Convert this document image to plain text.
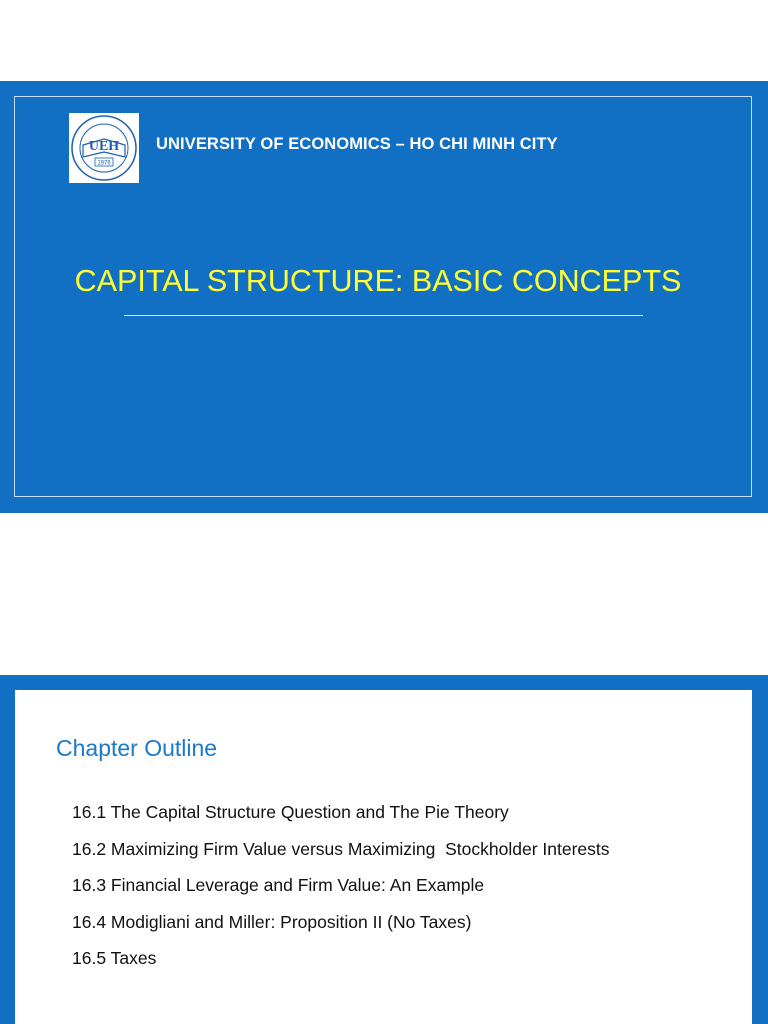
UEH
1976
UNIVERSITY OF ECONOMICS – HO CHI MINH CITY
CAPITAL STRUCTURE: BASIC CONCEPTS
Chapter Outline
16.1 The Capital Structure Question and The Pie Theory
16.2 Maximizing Firm Value versus Maximizing  Stockholder Interests
16.3 Financial Leverage and Firm Value: An Example
16.4 Modigliani and Miller: Proposition II (No Taxes)
16.5 Taxes
